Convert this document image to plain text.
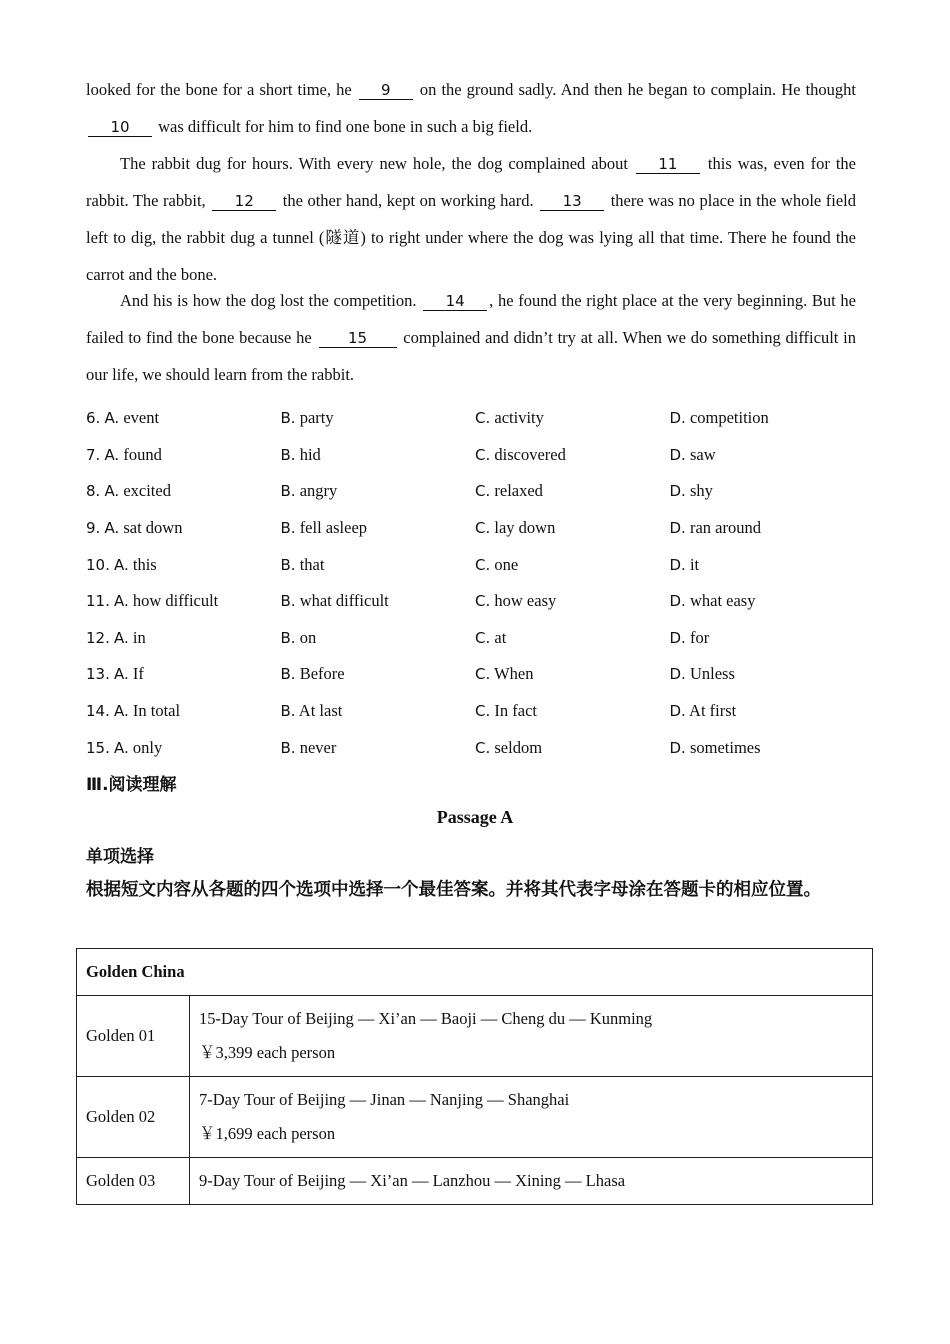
looked for the bone for a short time, he 9 on the ground sadly. And then he began to complain. He thought 10 was difficult for him to find one bone in such a big field.
The rabbit dug for hours. With every new hole, the dog complained about 11 this was, even for the rabbit. The rabbit, 12 the other hand, kept on working hard. 13 there was no place in the whole field left to dig, the rabbit dug a tunnel (隧道) to right under where the dog was lying all that time. There he found the carrot and the bone.
And his is how the dog lost the competition. 14 , he found the right place at the very beginning. But he failed to find the bone because he 15 complained and didn’t try at all. When we do something difficult in our life, we should learn from the rabbit.
6. A. event	B. party	C. activity	D. competition
7. A. found	B. hid	C. discovered	D. saw
8. A. excited	B. angry	C. relaxed	D. shy
9. A. sat down	B. fell asleep	C. lay down	D. ran around
10. A. this	B. that	C. one	D. it
11. A. how difficult	B. what difficult	C. how easy	D. what easy
12. A. in	B. on	C. at	D. for
13. A. If	B. Before	C. When	D. Unless
14. A. In total	B. At last	C. In fact	D. At first
15. A. only	B. never	C. seldom	D. sometimes
Ⅲ.阅读理解
Passage A
单项选择
根据短文内容从各题的四个选项中选择一个最佳答案。并将其代表字母涂在答题卡的相应位置。
Golden China	
Golden 01	15-Day Tour of Beijing — Xi’an — Baoji — Cheng du — Kunming
￥3,399 each person

Golden 02	7-Day Tour of Beijing — Jinan — Nanjing — Shanghai
￥1,699 each person

Golden 03	9-Day Tour of Beijing — Xi’an — Lanzhou — Xining — Lhasa
